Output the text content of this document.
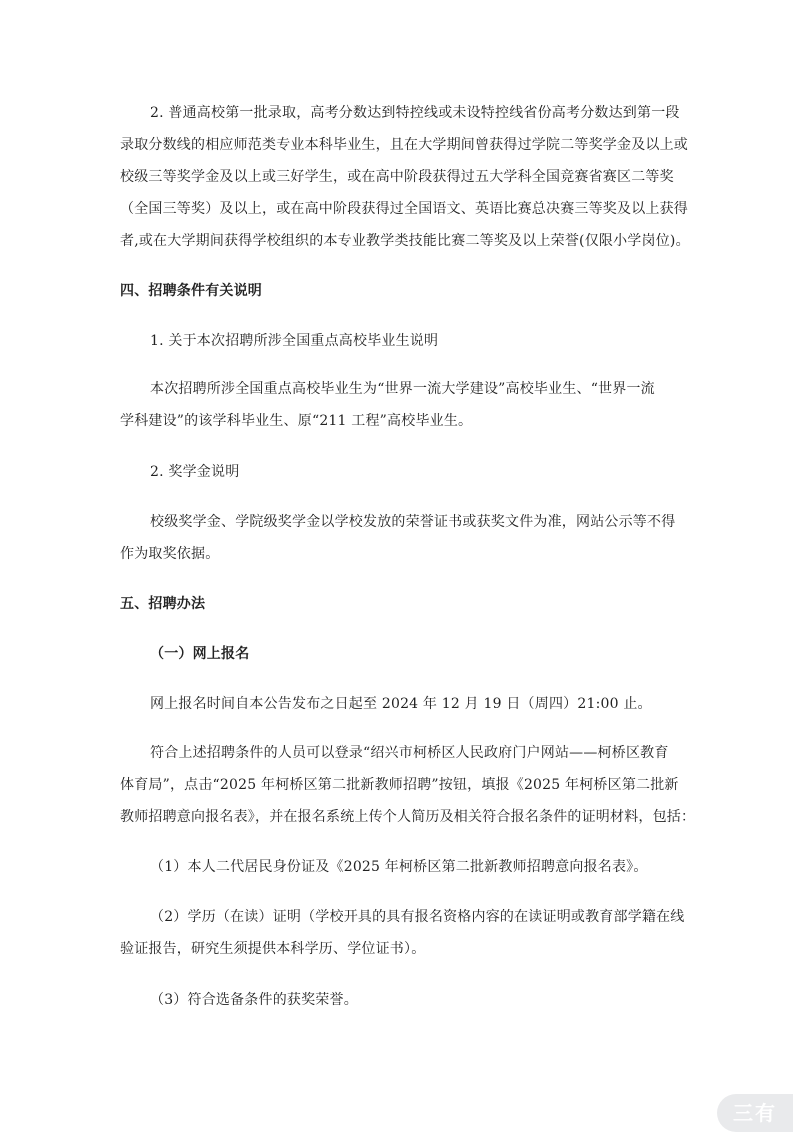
2. 普通高校第一批录取，高考分数达到特控线或未设特控线省份高考分数达到第一段
录取分数线的相应师范类专业本科毕业生，且在大学期间曾获得过学院二等奖学金及以上或
校级三等奖学金及以上或三好学生，或在高中阶段获得过五大学科全国竞赛省赛区二等奖
（全国三等奖）及以上，或在高中阶段获得过全国语文、英语比赛总决赛三等奖及以上获得
者,或在大学期间获得学校组织的本专业教学类技能比赛二等奖及以上荣誉(仅限小学岗位)。
四、招聘条件有关说明
1. 关于本次招聘所涉全国重点高校毕业生说明
本次招聘所涉全国重点高校毕业生为“世界一流大学建设”高校毕业生、“世界一流
学科建设”的该学科毕业生、原“211 工程”高校毕业生。
2. 奖学金说明
校级奖学金、学院级奖学金以学校发放的荣誉证书或获奖文件为准，网站公示等不得
作为取奖依据。
五、招聘办法
（一）网上报名
网上报名时间自本公告发布之日起至 2024 年 12 月 19 日（周四）21:00 止。
符合上述招聘条件的人员可以登录“绍兴市柯桥区人民政府门户网站——柯桥区教育
体育局”，点击“2025 年柯桥区第二批新教师招聘”按钮，填报《2025 年柯桥区第二批新
教师招聘意向报名表》，并在报名系统上传个人简历及相关符合报名条件的证明材料，包括：
（1）本人二代居民身份证及《2025 年柯桥区第二批新教师招聘意向报名表》。
（2）学历（在读）证明（学校开具的具有报名资格内容的在读证明或教育部学籍在线
验证报告，研究生须提供本科学历、学位证书）。
（3）符合选备条件的获奖荣誉。
三有
